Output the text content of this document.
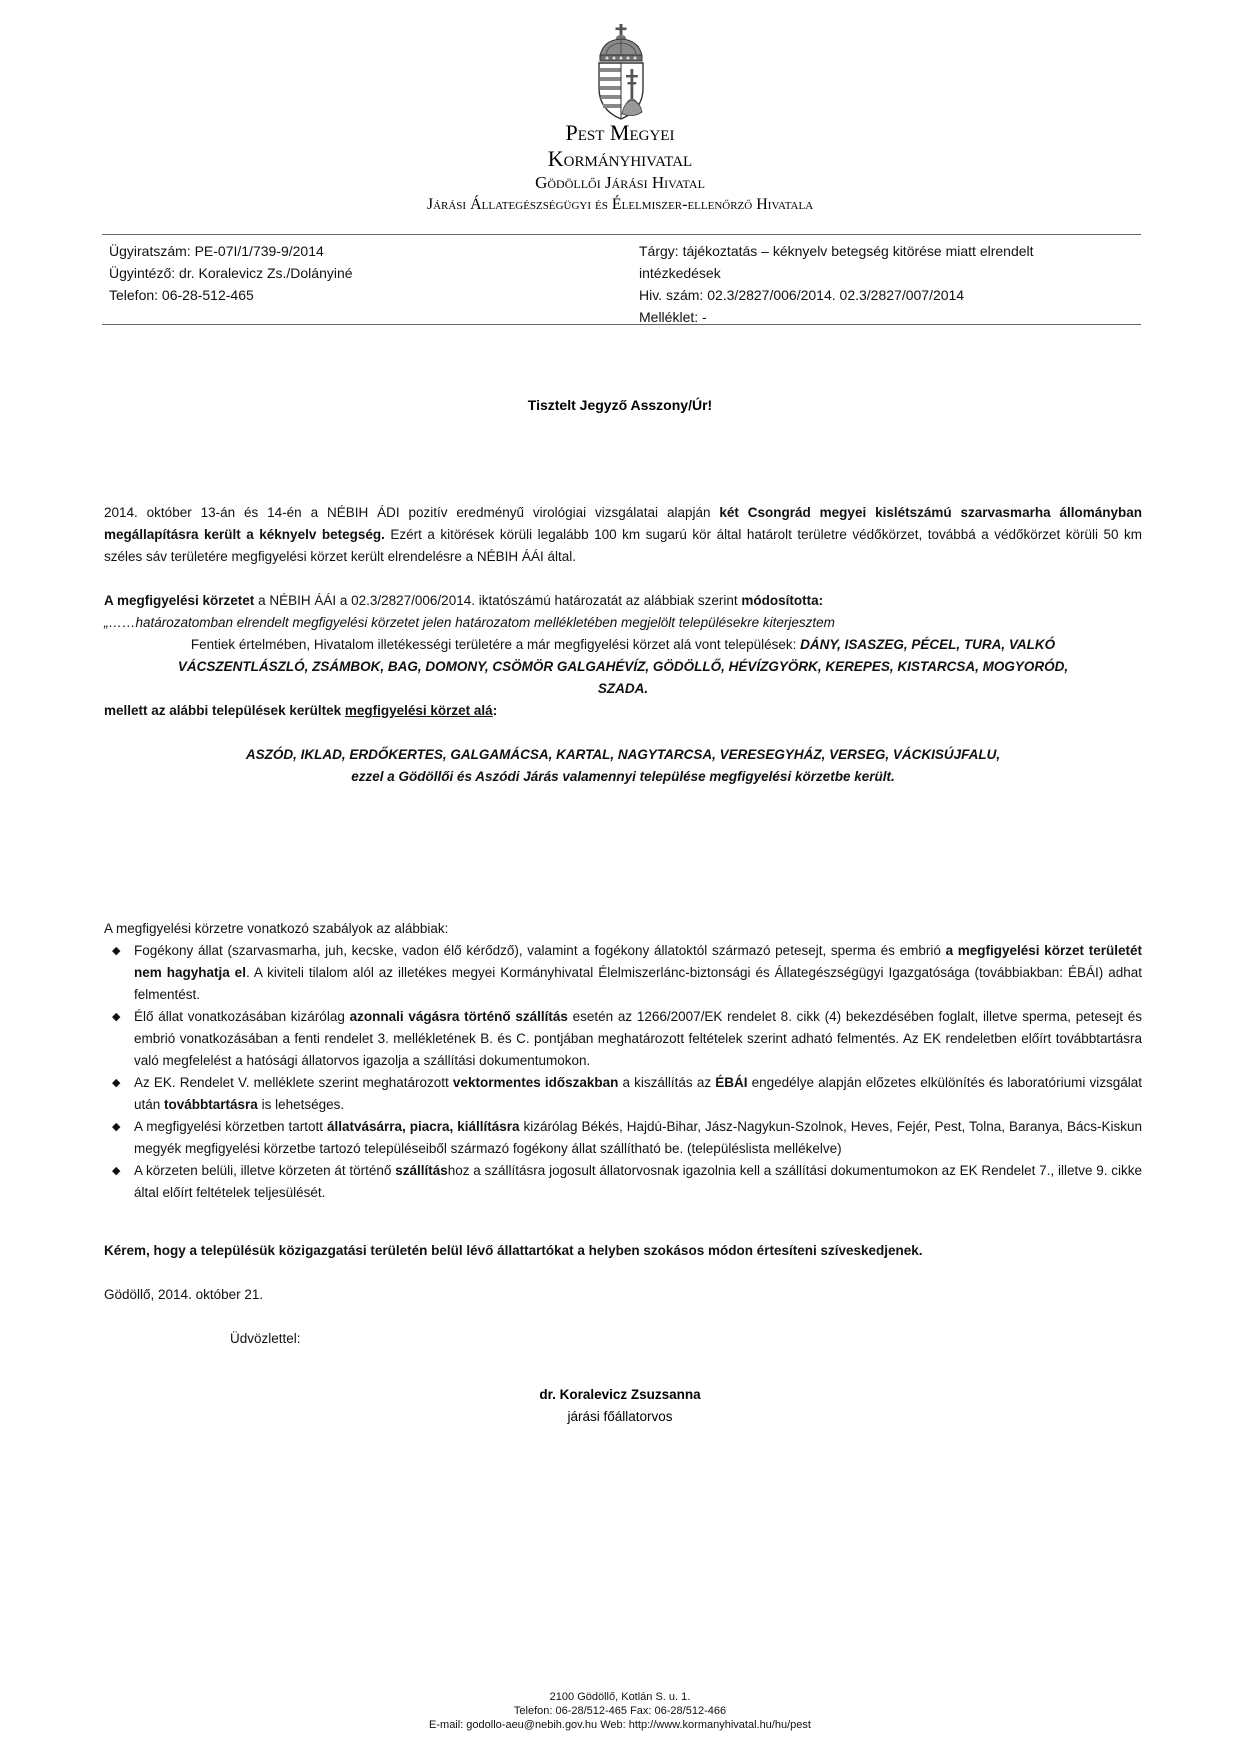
Pest Megyei
Kormányhivatal
Gödöllői Járási Hivatal
Járási Állategészségügyi és Élelmiszer-ellenőrző Hivatala
Ügyiratszám: PE-07I/1/739-9/2014
Ügyintéző: dr. Koralevicz Zs./Dolányiné
Telefon: 06-28-512-465
Tárgy: tájékoztatás – kéknyelv betegség kitörése miatt elrendelt
intézkedések
Hiv. szám: 02.3/2827/006/2014. 02.3/2827/007/2014
Melléklet: -
Tisztelt Jegyző Asszony/Úr!
2014. október 13-án és 14-én a NÉBIH ÁDI pozitív eredményű virológiai vizsgálatai alapján két Csongrád megyei kislétszámú szarvasmarha állományban megállapításra került a kéknyelv betegség. Ezért a kitörések körüli legalább 100 km sugarú kör által határolt területre védőkörzet, továbbá a védőkörzet körüli 50 km széles sáv területére megfigyelési körzet került elrendelésre a NÉBIH ÁÁI által.
A megfigyelési körzetet a NÉBIH ÁÁI a 02.3/2827/006/2014. iktatószámú határozatát az alábbiak szerint módosította:
„……határozatomban elrendelt megfigyelési körzetet jelen határozatom mellékletében megjelölt településekre kiterjesztem
Fentiek értelmében, Hivatalom illetékességi területére a már megfigyelési körzet alá vont települések: DÁNY, ISASZEG, PÉCEL, TURA, VALKÓ
VÁCSZENTLÁSZLÓ, ZSÁMBOK, BAG, DOMONY, CSÖMÖR GALGAHÉVÍZ, GÖDÖLLŐ, HÉVÍZGYÖRK, KEREPES, KISTARCSA, MOGYORÓD,
SZADA.
mellett az alábbi települések kerültek megfigyelési körzet alá:
ASZÓD, IKLAD, ERDŐKERTES, GALGAMÁCSA, KARTAL, NAGYTARCSA, VERESEGYHÁZ, VERSEG, VÁCKISÚJFALU,
ezzel a Gödöllői és Aszódi Járás valamennyi települése megfigyelési körzetbe került.
A megfigyelési körzetre vonatkozó szabályok az alábbiak:
◆ Fogékony állat (szarvasmarha, juh, kecske, vadon élő kérődző), valamint a fogékony állatoktól származó petesejt, sperma és embrió a megfigyelési körzet területét nem hagyhatja el. A kiviteli tilalom alól az illetékes megyei Kormányhivatal Élelmiszerlánc-biztonsági és Állategészségügyi Igazgatósága (továbbiakban: ÉBÁI) adhat felmentést.
◆ Élő állat vonatkozásában kizárólag azonnali vágásra történő szállítás esetén az 1266/2007/EK rendelet 8. cikk (4) bekezdésében foglalt, illetve sperma, petesejt és embrió vonatkozásában a fenti rendelet 3. mellékletének B. és C. pontjában meghatározott feltételek szerint adható felmentés. Az EK rendeletben előírt továbbtartásra való megfelelést a hatósági állatorvos igazolja a szállítási dokumentumokon.
◆ Az EK. Rendelet V. melléklete szerint meghatározott vektormentes időszakban a kiszállítás az ÉBÁI engedélye alapján előzetes elkülönítés és laboratóriumi vizsgálat után továbbtartásra is lehetséges.
◆ A megfigyelési körzetben tartott állatvásárra, piacra, kiállításra kizárólag Békés, Hajdú-Bihar, Jász-Nagykun-Szolnok, Heves, Fejér, Pest, Tolna, Baranya, Bács-Kiskun megyék megfigyelési körzetbe tartozó településeiből származó fogékony állat szállítható be. (településlista mellékelve)
◆ A körzeten belüli, illetve körzeten át történő szállításhoz a szállításra jogosult állatorvosnak igazolnia kell a szállítási dokumentumokon az EK Rendelet 7., illetve 9. cikke által előírt feltételek teljesülését.
Kérem, hogy a településük közigazgatási területén belül lévő állattartókat a helyben szokásos módon értesíteni szíveskedjenek.
Gödöllő, 2014. október 21.
Üdvözlettel:
dr. Koralevicz Zsuzsanna
járási főállatorvos
2100 Gödöllő, Kotlán S. u. 1.
Telefon: 06-28/512-465 Fax: 06-28/512-466
E-mail: godollo-aeu@nebih.gov.hu Web: http://www.kormanyhivatal.hu/hu/pest
